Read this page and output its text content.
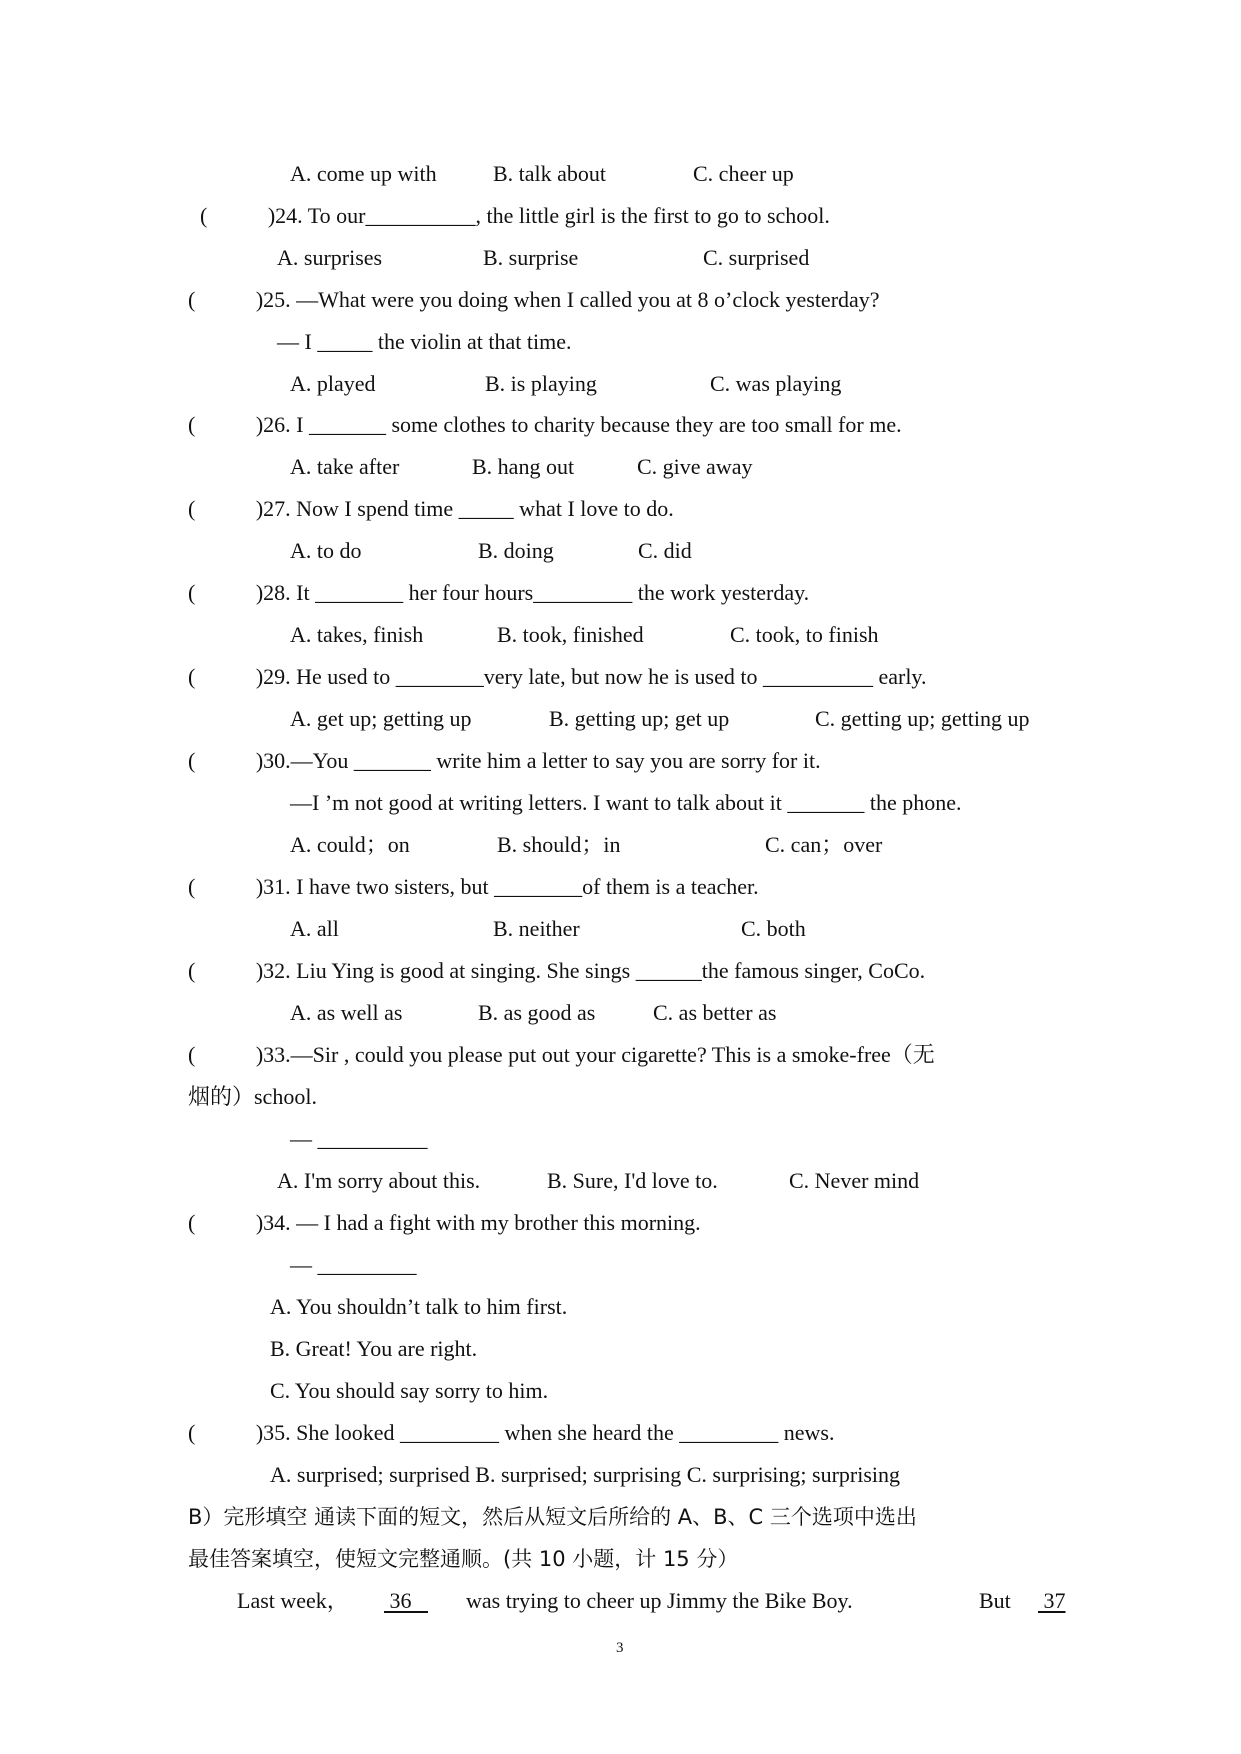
A. come up with	B. talk about	C. cheer up
(           )24. To our__________, the little girl is the first to go to school.
A. surprises	B. surprise	C. surprised
(           )25. —What were you doing when I called you at 8 o’clock yesterday?
— I _____ the violin at that time.
A. played	B. is playing	C. was playing
(           )26. I _______ some clothes to charity because they are too small for me.
A. take after	B. hang out	C. give away
(           )27. Now I spend time _____ what I love to do.
A. to do	B. doing	C. did
(           )28. It ________ her four hours_________ the work yesterday.
A. takes, finish	B. took, finished	C. took, to finish
(           )29. He used to ________very late, but now he is used to __________ early.
A. get up; getting up	B. getting up; get up	C. getting up; getting up
(           )30.—You _______ write him a letter to say you are sorry for it.
—I ’m not good at writing letters. I want to talk about it _______ the phone.
A. could；on	B. should；in	C. can；over
(           )31. I have two sisters, but ________of them is a teacher.
A. all	B. neither	C. both
(           )32. Liu Ying is good at singing. She sings ______the famous singer, CoCo.
A. as well as	B. as good as	C. as better as
(           )33.—Sir , could you please put out your cigarette? This is a smoke-free（无
烟的）school.
— __________
A. I'm sorry about this.	B. Sure, I'd love to.	C. Never mind
(           )34. — I had a fight with my brother this morning.
— _________
A. You shouldn’t talk to him first.
B. Great! You are right.
C. You should say sorry to him.
(           )35. She looked _________ when she heard the _________ news.
A. surprised; surprised B. surprised; surprising C. surprising; surprising
B）完形填空 通读下面的短文，然后从短文后所给的 A、B、C 三个选项中选出
最佳答案填空，使短文完整通顺。(共 10 小题，计 15 分）
Last week， 36 was trying to cheer up Jimmy the Bike Boy.	But 37
3
